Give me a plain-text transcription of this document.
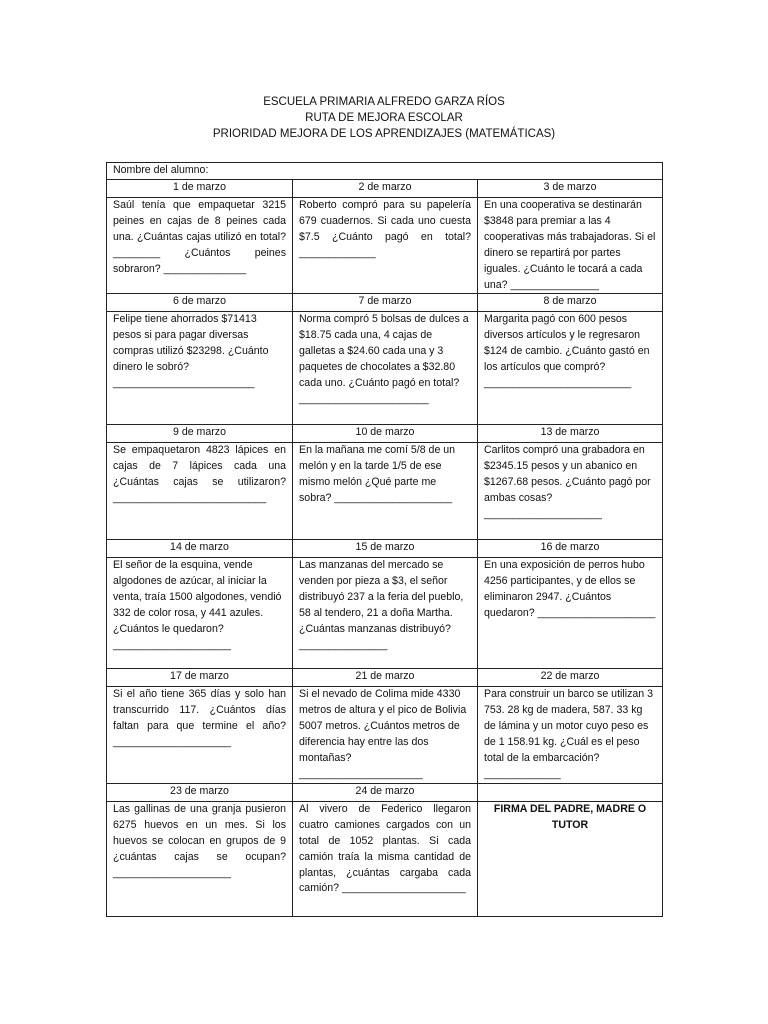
ESCUELA PRIMARIA ALFREDO GARZA RÍOS
RUTA DE MEJORA ESCOLAR
PRIORIDAD MEJORA DE LOS APRENDIZAJES (MATEMÁTICAS)
Nombre del alumno:		
1 de marzo	2 de marzo	3 de marzo

Saúl tenía que empaquetar 3215 peines en cajas de 8 peines cada una. ¿Cuántas cajas utilizó en total?________ ¿Cuántos peines sobraron? ______________	Roberto compró para su papelería 679 cuadernos. Si cada uno cuesta $7.5 ¿Cuánto pagó en total?_____________	En una cooperativa se destinarán $3848 para premiar a las 4 cooperativas más trabajadoras. Si el dinero se repartirá por partes iguales. ¿Cuánto le tocará a cada una? _______________

6 de marzo	7 de marzo	8 de marzo

Felipe tiene ahorrados $71413 pesos si para pagar diversas compras utilizó $23298. ¿Cuánto dinero le sobró? ________________________	Norma compró 5 bolsas de dulces a $18.75 cada una, 4 cajas de galletas a $24.60 cada una y 3 paquetes de chocolates a $32.80 cada uno. ¿Cuánto pagó en total? ______________________	Margarita pagó con 600 pesos diversos artículos y le regresaron $124 de cambio. ¿Cuánto gastó en los artículos que compró? _________________________

9 de marzo	10 de marzo	13 de marzo

Se empaquetaron 4823 lápices en cajas de 7 lápices cada una ¿Cuántas cajas se utilizaron? __________________________	En la mañana me comí 5/8 de un melón y en la tarde 1/5 de ese mismo melón ¿Qué parte me sobra? ____________________	Carlitos compró una grabadora en $2345.15 pesos y un abanico en $1267.68 pesos. ¿Cuánto pagó por ambas cosas? ____________________

14 de marzo	15 de marzo	16 de marzo

El señor de la esquina, vende algodones de azúcar, al iniciar la venta, traía 1500 algodones, vendió 332 de color rosa, y 441 azules. ¿Cuántos le quedaron? ____________________	Las manzanas del mercado se venden por pieza a $3, el señor distribuyó 237 a la feria del pueblo, 58 al tendero, 21 a doña Martha. ¿Cuántas manzanas distribuyó? _______________	En una exposición de perros hubo 4256 participantes, y de ellos se eliminaron 2947. ¿Cuántos quedaron? ____________________

17 de marzo	21 de marzo	22 de marzo

Si el año tiene 365 días y solo han transcurrido 117. ¿Cuántos días faltan para que termine el año? ____________________	Si el nevado de Colima mide 4330 metros de altura y el pico de Bolivia 5007 metros. ¿Cuántos metros de diferencia hay entre las dos montañas? _____________________	Para construir un barco se utilizan 3 753. 28 kg de madera, 587. 33 kg de lámina y un motor cuyo peso es de 1 158.91 kg. ¿Cuál es el peso total de la embarcación? _____________

23 de marzo	24 de marzo	

Las gallinas de una granja pusieron 6275 huevos en un mes. Si los huevos se colocan en grupos de 9 ¿cuántas cajas se ocupan? ____________________	Al vivero de Federico llegaron cuatro camiones cargados con un total de 1052 plantas. Si cada camión traía la misma cantidad de plantas, ¿cuántas cargaba cada camión? _____________________	FIRMA DEL PADRE, MADRE O TUTOR
